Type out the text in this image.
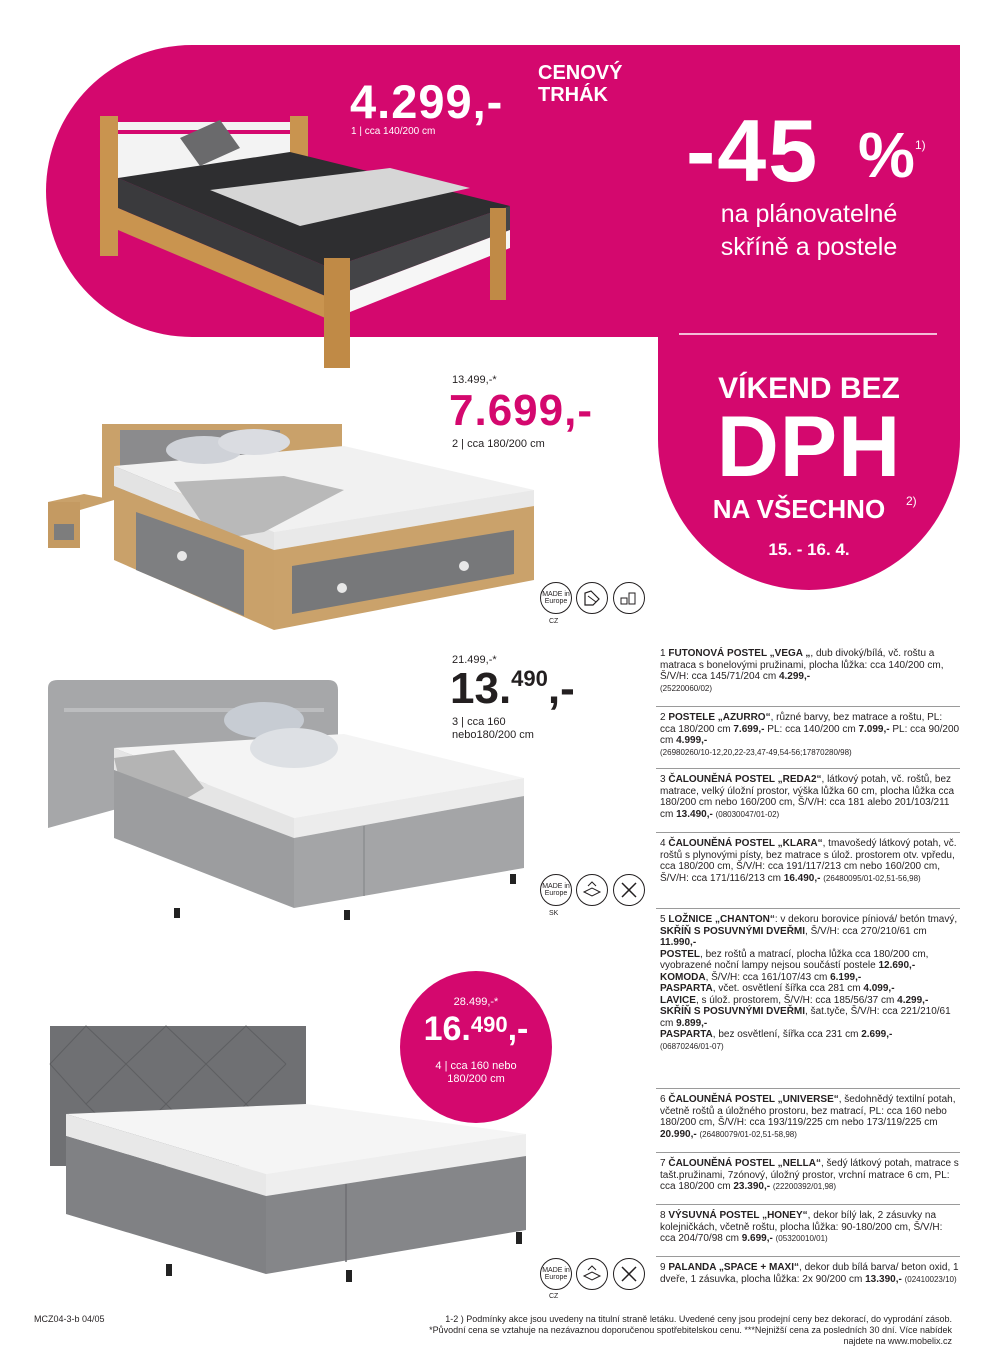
4.299,-
1 | cca 140/200 cm
CENOVÝ
TRHÁK
-45 %
1)
na plánovatelné
skříně a postele
VÍKEND BEZ
DPH
NA VŠECHNO	2)
15. - 16. 4.
13.499,-*
7.699,-
2 | cca 180/200 cm
MADE in Europe
CZ
21.499,-*
13.$^{490}$,-
3 | cca 160
nebo180/200 cm
MADE in Europe
SK
28.499,-*
16.$^{490}$,-
4 | cca 160 nebo
180/200 cm
MADE in Europe
CZ
1 FUTONOVÁ POSTEL „VEGA „, dub divoký/bílá, vč. roštu a matraca s bonelovými pružinami, plocha lůžka: cca 140/200 cm, Š/V/H: cca 145/71/204 cm 4.299,-
(25220060/02)
2 POSTELE „AZURRO“, různé barvy, bez matrace a roštu, PL: cca 180/200 cm 7.699,- PL: cca 140/200 cm 7.099,- PL: cca 90/200 cm 4.999,-
(26980260/10-12,20,22-23,47-49,54-56;17870280/98)
3 ČALOUNĚNÁ POSTEL „REDA2“, látkový potah, vč. roštů, bez matrace, velký úložní prostor, výška lůžka 60 cm, plocha lůžka cca 180/200 cm nebo 160/200 cm, Š/V/H: cca 181 alebo 201/103/211 cm 13.490,- (08030047/01-02)
4 ČALOUNĚNÁ POSTEL „KLARA“, tmavošedý látkový potah, vč. roštů s plynovými písty, bez matrace s úlož. prostorem otv. vpředu, cca 180/200 cm, Š/V/H: cca 191/117/213 cm nebo 160/200 cm, Š/V/H: cca 171/116/213 cm 16.490,- (26480095/01-02,51-56,98)
5 LOŽNICE „CHANTON“: v dekoru borovice píniová/ betón tmavý, SKŘÍŇ S POSUVNÝMI DVEŘMI, Š/V/H: cca 270/210/61 cm 11.990,-
POSTEL, bez roštů a matrací, plocha lůžka cca 180/200 cm, vyobrazené noční lampy nejsou součástí postele 12.690,-
KOMODA, Š/V/H: cca 161/107/43 cm 6.199,-
PASPARTA, včet. osvětlení šířka cca 281 cm 4.099,-
LAVICE, s úlož. prostorem, Š/V/H: cca 185/56/37 cm 4.299,-
SKŘÍŇ S POSUVNÝMI DVEŘMI, šat.tyče, Š/V/H: cca 221/210/61 cm 9.899,-
PASPARTA, bez osvětlení, šířka cca 231 cm 2.699,-
(06870246/01-07)
6 ČALOUNĚNÁ POSTEL „UNIVERSE“, šedohnědý textilní potah, včetně roštů a úložného prostoru, bez matrací, PL: cca 160 nebo 180/200 cm, Š/V/H: cca 193/119/225 cm nebo 173/119/225 cm 20.990,- (26480079/01-02,51-58,98)
7 ČALOUNĚNÁ POSTEL „NELLA“, šedý látkový potah, matrace s tašt.pružinami, 7zónový, úložný prostor, vrchní matrace 6 cm, PL: cca 180/200 cm 23.390,- (22200392/01,98)
8 VÝSUVNÁ POSTEL „HONEY“, dekor bílý lak, 2 zásuvky na kolejničkách, včetně roštu, plocha lůžka: 90-180/200 cm, Š/V/H: cca 204/70/98 cm 9.699,- (05320010/01)
9 PALANDA „SPACE + MAXI“, dekor dub bílá barva/ beton oxid, 1 dveře, 1 zásuvka, plocha lůžka: 2x 90/200 cm 13.390,- (02410023/10)
MCZ04-3-b 04/05	1-2 ) Podmínky akce jsou uvedeny na titulní straně letáku. Uvedené ceny jsou prodejní ceny bez dekorací, do vyprodání zásob.
*Původní cena se vztahuje na nezávaznou doporučenou spotřebitelskou cenu. ***Nejnižší cena za posledních 30 dní. Více nabídek
najdete na www.mobelix.cz
